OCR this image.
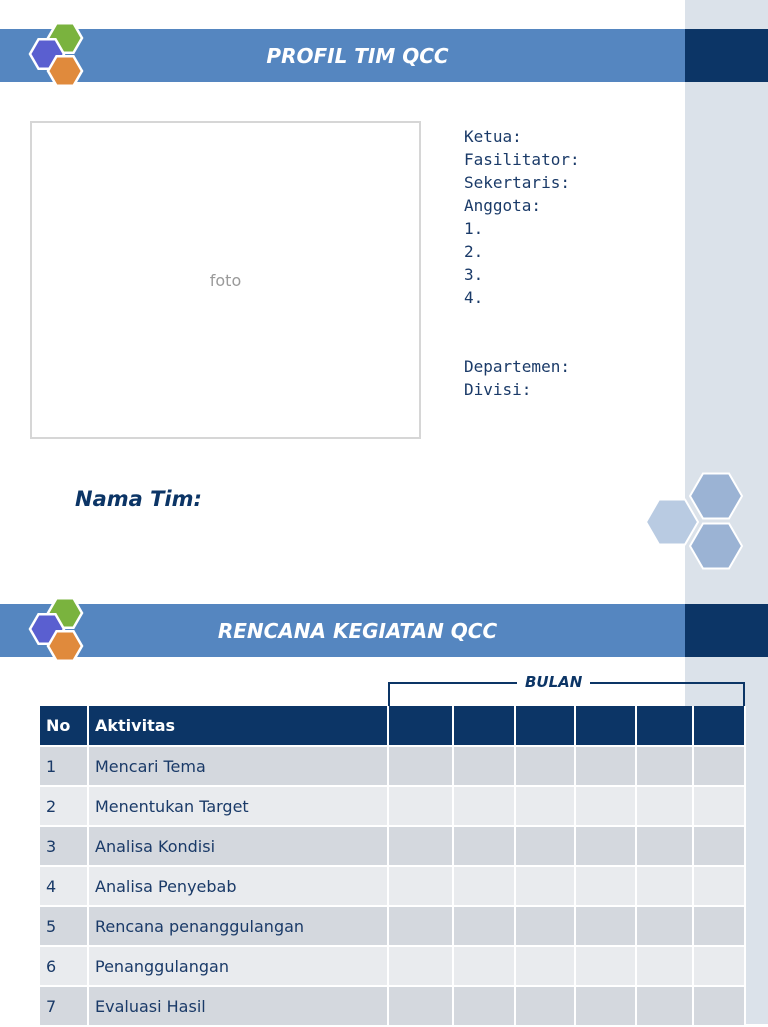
PROFIL TIM QCC
foto
Ketua:
Fasilitator:
Sekertaris:
Anggota:
1.
2.
3.
4.
Departemen:
Divisi:
Nama Tim:
RENCANA KEGIATAN QCC
BULAN
No	Aktivitas						
1	Mencari Tema						
2	Menentukan Target						
3	Analisa Kondisi						
4	Analisa Penyebab						
5	Rencana penanggulangan						
6	Penanggulangan						
7	Evaluasi Hasil						
